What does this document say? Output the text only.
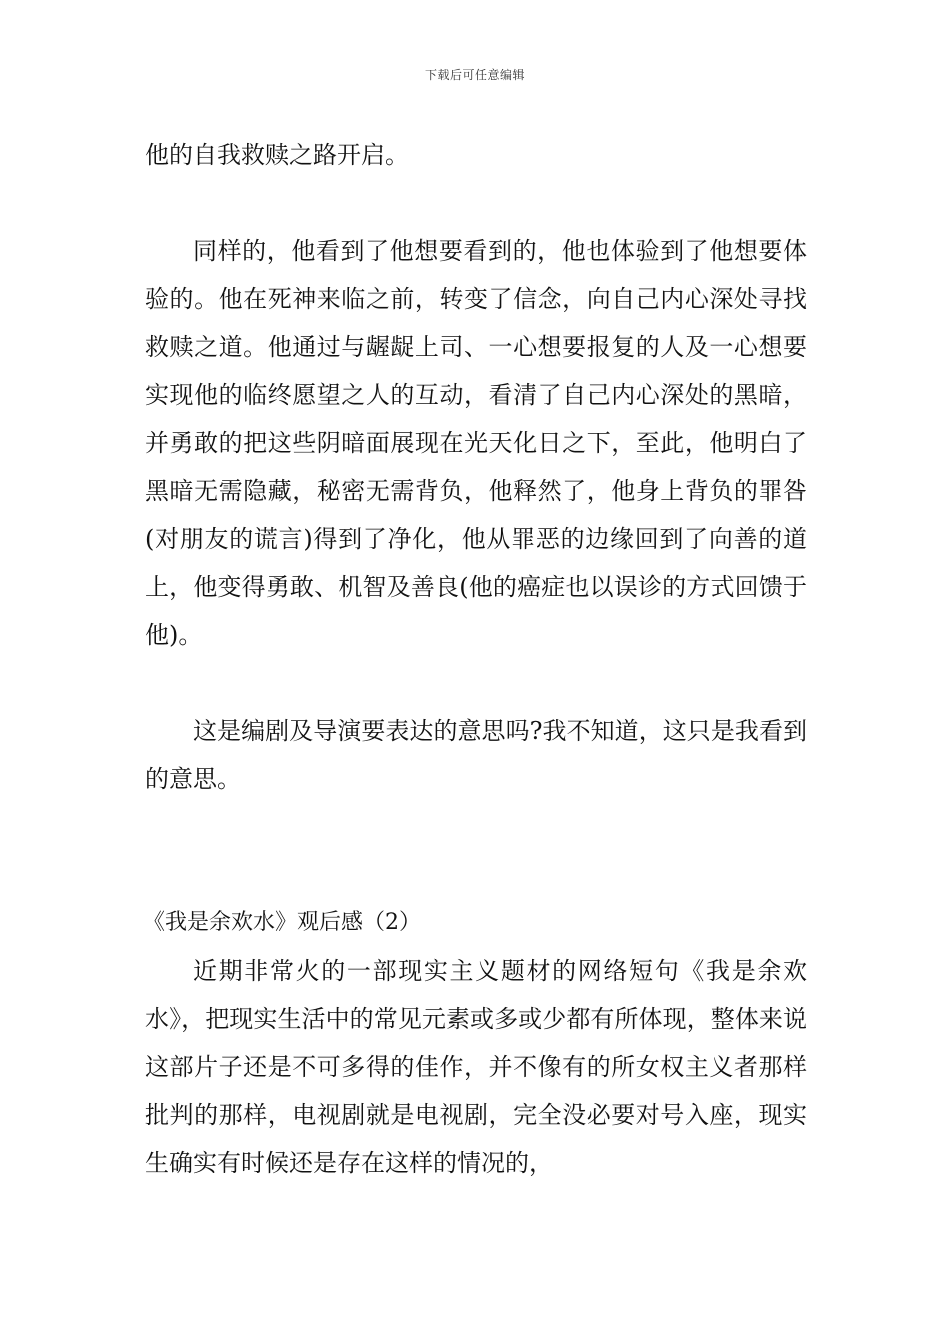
下载后可任意编辑

他的自我救赎之路开启。

同样的，他看到了他想要看到的，他也体验到了他想要体验的。他在死神来临之前，转变了信念，向自己内心深处寻找救赎之道。他通过与龌龊上司、一心想要报复的人及一心想要实现他的临终愿望之人的互动，看清了自己内心深处的黑暗，并勇敢的把这些阴暗面展现在光天化日之下，至此，他明白了黑暗无需隐藏，秘密无需背负，他释然了，他身上背负的罪咎(对朋友的谎言)得到了净化，他从罪恶的边缘回到了向善的道上，他变得勇敢、机智及善良(他的癌症也以误诊的方式回馈于他)。

这是编剧及导演要表达的意思吗?我不知道，这只是我看到的意思。

《我是余欢水》观后感（2）

近期非常火的一部现实主义题材的网络短句《我是余欢水》，把现实生活中的常见元素或多或少都有所体现，整体来说这部片子还是不可多得的佳作，并不像有的所女权主义者那样批判的那样，电视剧就是电视剧，完全没必要对号入座，现实生确实有时候还是存在这样的情况的，
